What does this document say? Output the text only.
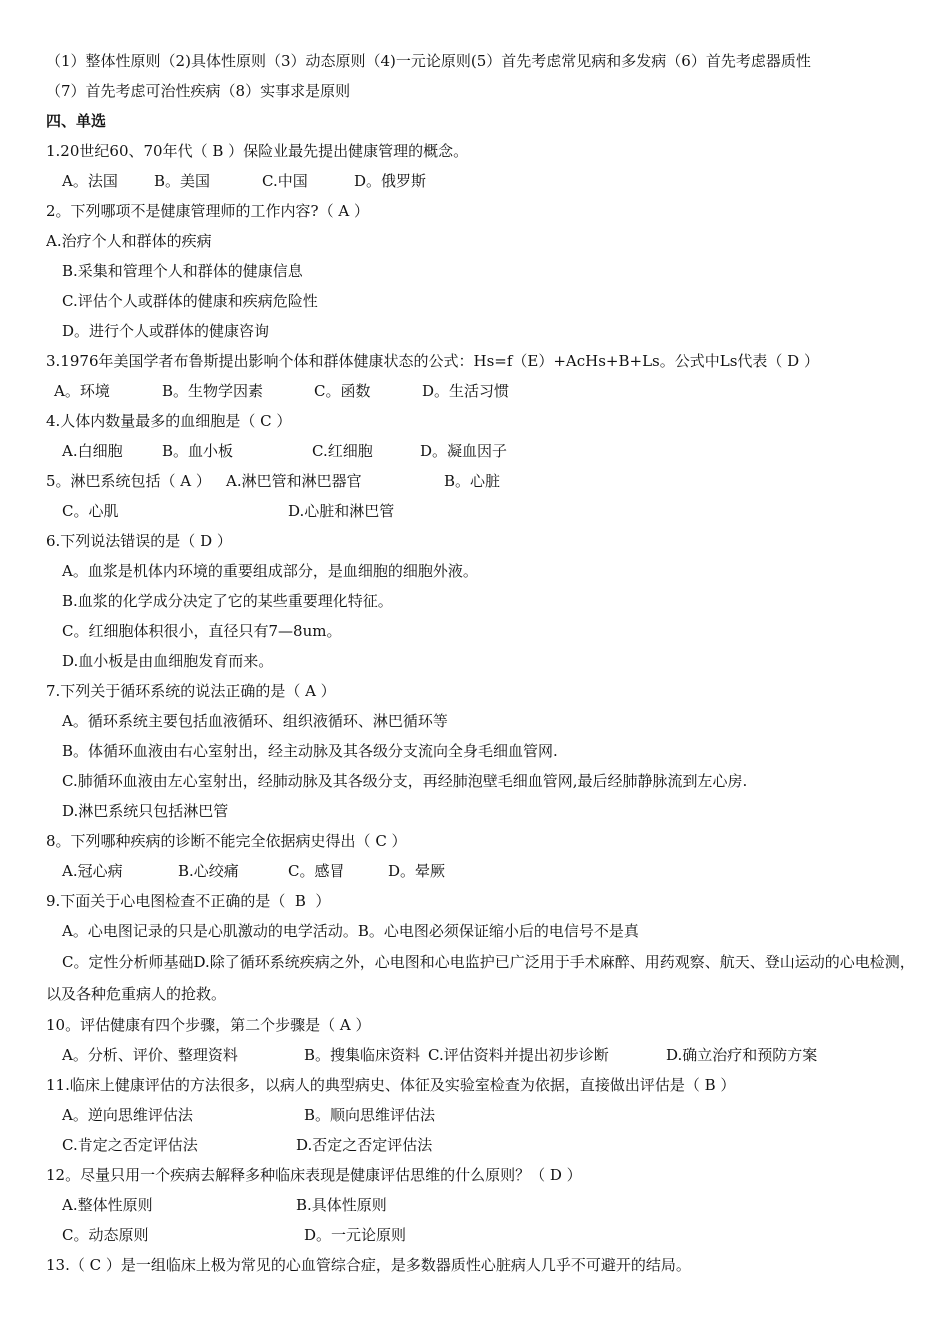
（1）整体性原则（2)具体性原则（3）动态原则（4)一元论原则(5）首先考虑常见病和多发病（6）首先考虑器质性
（7）首先考虑可治性疾病（8）实事求是原则
四、单选
1.20世纪60、70年代（ B ）保险业最先提出健康管理的概念。
A。法国 B。美国	C.中国	D。俄罗斯
2。下列哪项不是健康管理师的工作内容?（ A ）
A.治疗个人和群体的疾病
B.采集和管理个人和群体的健康信息
C.评估个人或群体的健康和疾病危险性
D。进行个人或群体的健康咨询
3.1976年美国学者布鲁斯提出影响个体和群体健康状态的公式：Hs=f（E）+AcHs+B+Ls。公式中Ls代表（ D ）
A。环境	B。生物学因素	C。函数	D。生活习惯
4.人体内数量最多的血细胞是（ C ）
A.白细胞	B。血小板	C.红细胞	D。凝血因子
5。淋巴系统包括（ A ） A.淋巴管和淋巴器官	B。心脏
C。心肌	D.心脏和淋巴管
6.下列说法错误的是（ D ）
A。血浆是机体内环境的重要组成部分，是血细胞的细胞外液。
B.血浆的化学成分决定了它的某些重要理化特征。
C。红细胞体积很小，直径只有7—8um。
D.血小板是由血细胞发育而来。
7.下列关于循环系统的说法正确的是（ A ）
A。循环系统主要包括血液循环、组织液循环、淋巴循环等
B。体循环血液由右心室射出，经主动脉及其各级分支流向全身毛细血管网.
C.肺循环血液由左心室射出，经肺动脉及其各级分支，再经肺泡壁毛细血管网,最后经肺静脉流到左心房.
D.淋巴系统只包括淋巴管
8。下列哪种疾病的诊断不能完全依据病史得出（ C ）
A.冠心病	B.心绞痛	C。感冒	D。晕厥
9.下面关于心电图检查不正确的是（  B  ）
A。心电图记录的只是心肌激动的电学活动。B。心电图必须保证缩小后的电信号不是真
C。定性分析师基础D.除了循环系统疾病之外，心电图和心电监护已广泛用于手术麻醉、用药观察、航天、登山运动的心电检测，以及各种危重病人的抢救。
10。评估健康有四个步骤，第二个步骤是（ A ）
A。分析、评价、整理资料	B。搜集临床资料 C.评估资料并提出初步诊断	D.确立治疗和预防方案
11.临床上健康评估的方法很多，以病人的典型病史、体征及实验室检查为依据，直接做出评估是（ B ）
A。逆向思维评估法	B。顺向思维评估法
C.肯定之否定评估法	D.否定之否定评估法
12。尽量只用一个疾病去解释多种临床表现是健康评估思维的什么原则？（ D ）
A.整体性原则	B.具体性原则
C。动态原则	D。一元论原则
13.（ C ）是一组临床上极为常见的心血管综合症，是多数器质性心脏病人几乎不可避开的结局。
